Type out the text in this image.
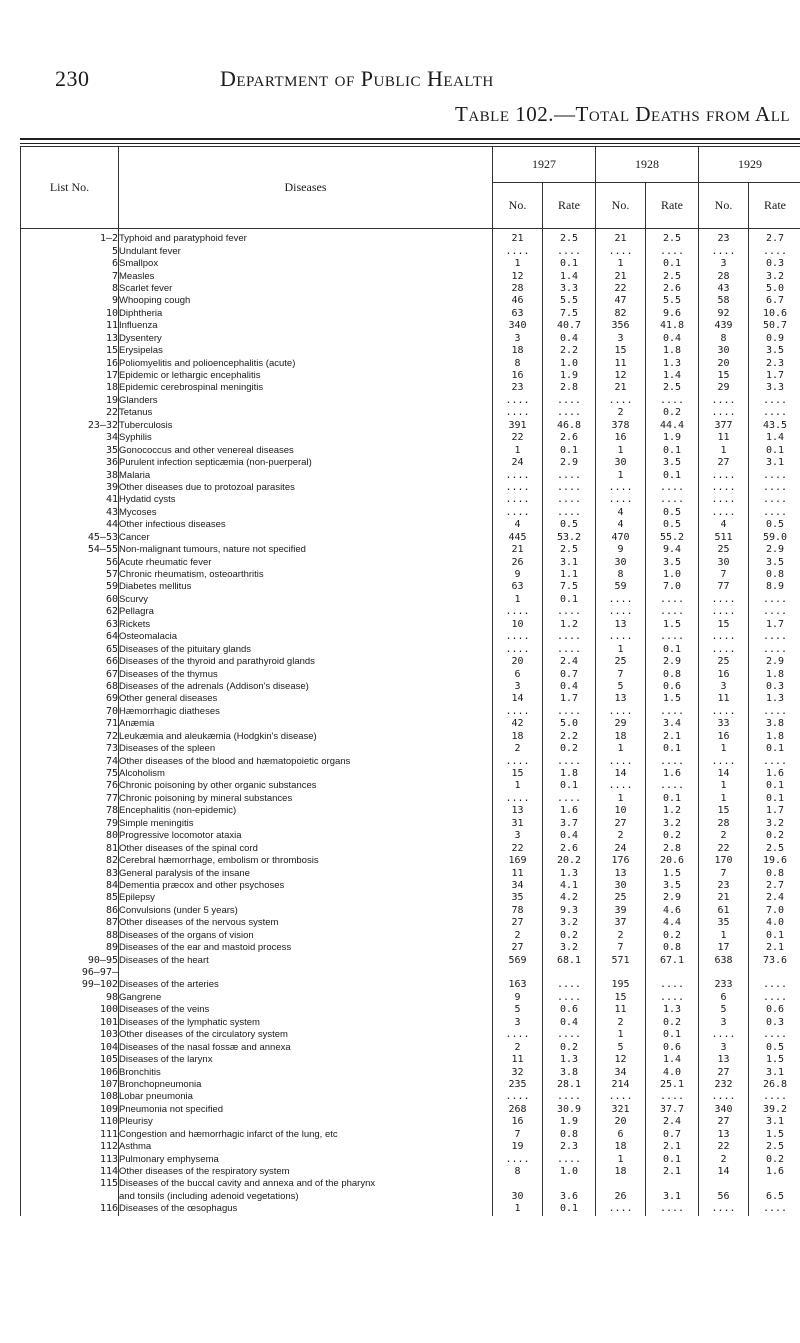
230	Department of Public Health
Table 102.—Total Deaths from All
List No.	Diseases	1927		1928		1929	
		No.	Rate	No.	Rate	No.	Rate
1–2	Typhoid and paratyphoid fever	21	2.5	21	2.5	23	2.7
5	Undulant fever	....	....	....	....	....	....
6	Smallpox	1	0.1	1	0.1	3	0.3
7	Measles	12	1.4	21	2.5	28	3.2
8	Scarlet fever	28	3.3	22	2.6	43	5.0
9	Whooping cough	46	5.5	47	5.5	58	6.7
10	Diphtheria	63	7.5	82	9.6	92	10.6
11	Influenza	340	40.7	356	41.8	439	50.7
13	Dysentery	3	0.4	3	0.4	8	0.9
15	Erysipelas	18	2.2	15	1.8	30	3.5
16	Poliomyelitis and polioencephalitis (acute)	8	1.0	11	1.3	20	2.3
17	Epidemic or lethargic encephalitis	16	1.9	12	1.4	15	1.7
18	Epidemic cerebrospinal meningitis	23	2.8	21	2.5	29	3.3
19	Glanders	....	....	....	....	....	....
22	Tetanus	....	....	2	0.2	....	....
23–32	Tuberculosis	391	46.8	378	44.4	377	43.5
34	Syphilis	22	2.6	16	1.9	11	1.4
35	Gonococcus and other venereal diseases	1	0.1	1	0.1	1	0.1
36	Purulent infection septicæmia (non-puerperal)	24	2.9	30	3.5	27	3.1
38	Malaria	....	....	1	0.1	....	....
39	Other diseases due to protozoal parasites	....	....	....	....	....	....
41	Hydatid cysts	....	....	....	....	....	....
43	Mycoses	....	....	4	0.5	....	....
44	Other infectious diseases	4	0.5	4	0.5	4	0.5
45–53	Cancer	445	53.2	470	55.2	511	59.0
54–55	Non-malignant tumours, nature not specified	21	2.5	9	9.4	25	2.9
56	Acute rheumatic fever	26	3.1	30	3.5	30	3.5
57	Chronic rheumatism, osteoarthritis	9	1.1	8	1.0	7	0.8
59	Diabetes mellitus	63	7.5	59	7.0	77	8.9
60	Scurvy	1	0.1	....	....	....	....
62	Pellagra	....	....	....	....	....	....
63	Rickets	10	1.2	13	1.5	15	1.7
64	Osteomalacia	....	....	....	....	....	....
65	Diseases of the pituitary glands	....	....	1	0.1	....	....
66	Diseases of the thyroid and parathyroid glands	20	2.4	25	2.9	25	2.9
67	Diseases of the thymus	6	0.7	7	0.8	16	1.8
68	Diseases of the adrenals (Addison's disease)	3	0.4	5	0.6	3	0.3
69	Other general diseases	14	1.7	13	1.5	11	1.3
70	Hæmorrhagic diatheses	....	....	....	....	....	....
71	Anæmia	42	5.0	29	3.4	33	3.8
72	Leukæmia and aleukæmia (Hodgkin's disease)	18	2.2	18	2.1	16	1.8
73	Diseases of the spleen	2	0.2	1	0.1	1	0.1
74	Other diseases of the blood and hæmatopoietic organs	....	....	....	....	....	....
75	Alcoholism	15	1.8	14	1.6	14	1.6
76	Chronic poisoning by other organic substances	1	0.1	....	....	1	0.1
77	Chronic poisoning by mineral substances	....	....	1	0.1	1	0.1
78	Encephalitis (non-epidemic)	13	1.6	10	1.2	15	1.7
79	Simple meningitis	31	3.7	27	3.2	28	3.2
80	Progressive locomotor ataxia	3	0.4	2	0.2	2	0.2
81	Other diseases of the spinal cord	22	2.6	24	2.8	22	2.5
82	Cerebral hæmorrhage, embolism or thrombosis	169	20.2	176	20.6	170	19.6
83	General paralysis of the insane	11	1.3	13	1.5	7	0.8
84	Dementia præcox and other psychoses	34	4.1	30	3.5	23	2.7
85	Epilepsy	35	4.2	25	2.9	21	2.4
86	Convulsions (under 5 years)	78	9.3	39	4.6	61	7.0
87	Other diseases of the nervous system	27	3.2	37	4.4	35	4.0
88	Diseases of the organs of vision	2	0.2	2	0.2	1	0.1
89	Diseases of the ear and mastoid process	27	3.2	7	0.8	17	2.1
90–95	Diseases of the heart	569	68.1	571	67.1	638	73.6
96–97–							
99–102	Diseases of the arteries	163	....	195	....	233	....
98	Gangrene	9	....	15	....	6	....
100	Diseases of the veins	5	0.6	11	1.3	5	0.6
101	Diseases of the lymphatic system	3	0.4	2	0.2	3	0.3
103	Other diseases of the circulatory system	....	....	1	0.1	....	....
104	Diseases of the nasal fossæ and annexa	2	0.2	5	0.6	3	0.5
105	Diseases of the larynx	11	1.3	12	1.4	13	1.5
106	Bronchitis	32	3.8	34	4.0	27	3.1
107	Bronchopneumonia	235	28.1	214	25.1	232	26.8
108	Lobar pneumonia	....	....	....	....	....	....
109	Pneumonia not specified	268	30.9	321	37.7	340	39.2
110	Pleurisy	16	1.9	20	2.4	27	3.1
111	Congestion and hæmorrhagic infarct of the lung, etc	7	0.8	6	0.7	13	1.5
112	Asthma	19	2.3	18	2.1	22	2.5
113	Pulmonary emphysema	....	....	1	0.1	2	0.2
114	Other diseases of the respiratory system	8	1.0	18	2.1	14	1.6
115	Diseases of the buccal cavity and annexa and of the pharynx						
	and tonsils (including adenoid vegetations)	30	3.6	26	3.1	56	6.5
116	Diseases of the œsophagus	1	0.1	....	....	....	....
